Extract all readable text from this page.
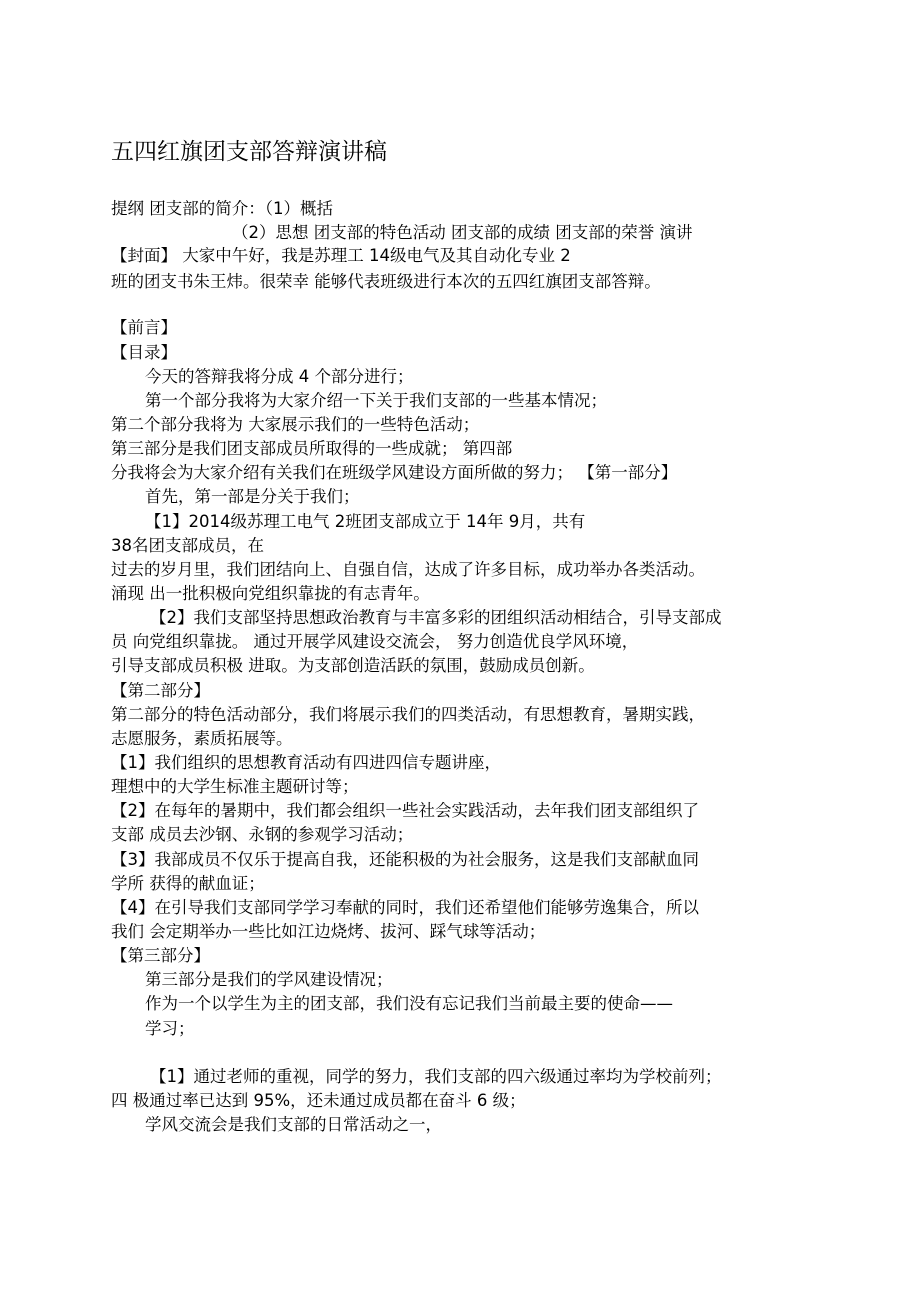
五四红旗团支部答辩演讲稿
提纲 团支部的简介：（1）概括
（2）思想 团支部的特色活动 团支部的成绩 团支部的荣誉 演讲
【封面】 大家中午好，我是苏理工 14级电气及其自动化专业 2
班的团支书朱王炜。很荣幸 能够代表班级进行本次的五四红旗团支部答辩。
【前言】
【目录】
今天的答辩我将分成 4 个部分进行；
第一个部分我将为大家介绍一下关于我们支部的一些基本情况；
第二个部分我将为 大家展示我们的一些特色活动；
第三部分是我们团支部成员所取得的一些成就； 第四部
分我将会为大家介绍有关我们在班级学风建设方面所做的努力； 【第一部分】
首先，第一部是分关于我们；
【1】2014级苏理工电气 2班团支部成立于 14年 9月，共有
38名团支部成员，在
过去的岁月里，我们团结向上、自强自信，达成了许多目标，成功举办各类活动。
涌现 出一批积极向党组织靠拢的有志青年。
【2】我们支部坚持思想政治教育与丰富多彩的团组织活动相结合，引导支部成
员 向党组织靠拢。 通过开展学风建设交流会， 努力创造优良学风环境，
引导支部成员积极 进取。为支部创造活跃的氛围，鼓励成员创新。
【第二部分】
第二部分的特色活动部分，我们将展示我们的四类活动，有思想教育，暑期实践，
志愿服务，素质拓展等。
【1】我们组织的思想教育活动有四进四信专题讲座，
理想中的大学生标准主题研讨等；
【2】在每年的暑期中，我们都会组织一些社会实践活动，去年我们团支部组织了
支部 成员去沙钢、永钢的参观学习活动；
【3】我部成员不仅乐于提高自我，还能积极的为社会服务，这是我们支部献血同
学所 获得的献血证；
【4】在引导我们支部同学学习奉献的同时，我们还希望他们能够劳逸集合，所以
我们 会定期举办一些比如江边烧烤、拔河、踩气球等活动；
【第三部分】
第三部分是我们的学风建设情况；
作为一个以学生为主的团支部，我们没有忘记我们当前最主要的使命——
学习；
【1】通过老师的重视，同学的努力，我们支部的四六级通过率均为学校前列；
四 极通过率已达到 95%，还未通过成员都在奋斗 6 级；
学风交流会是我们支部的日常活动之一，
